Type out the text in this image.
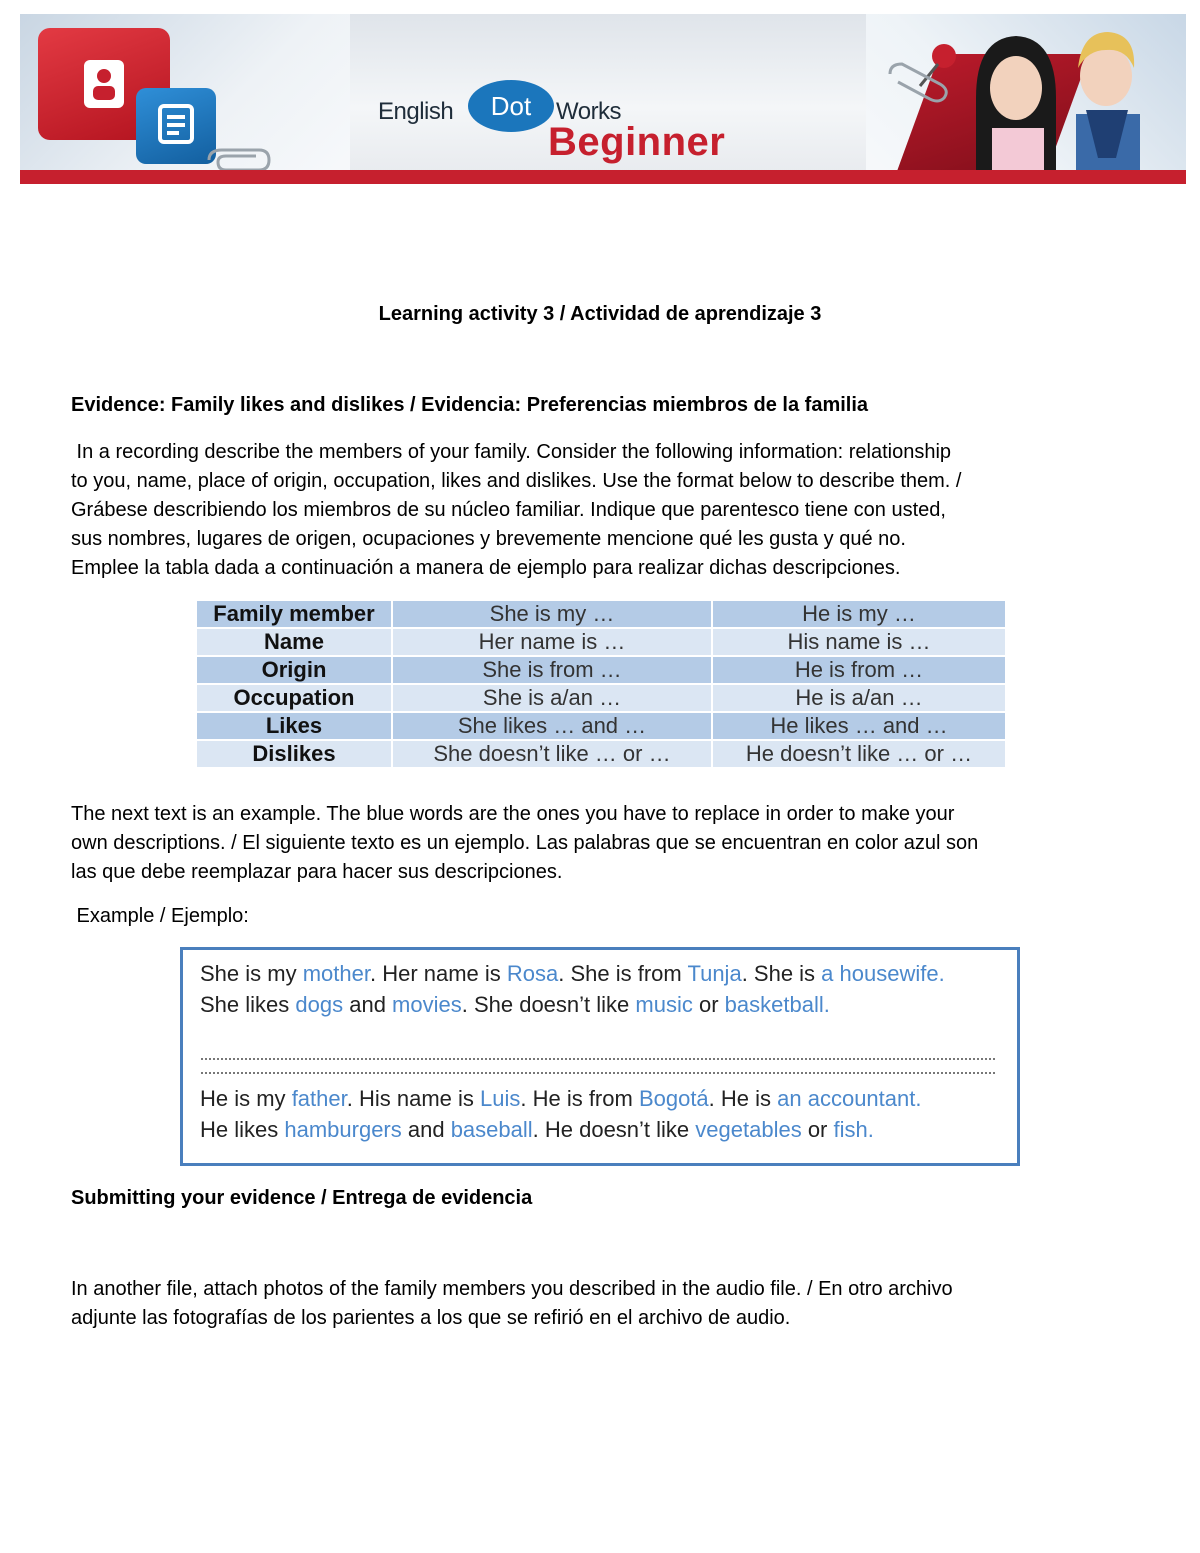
English	Dot	Works
Beginner
Learning activity 3 / Actividad de aprendizaje 3
Evidence: Family likes and dislikes / Evidencia: Preferencias miembros de la familia
In a recording describe the members of your family. Consider the following information: relationship
to you, name, place of origin, occupation, likes and dislikes. Use the format below to describe them. /
Grábese describiendo los miembros de su núcleo familiar. Indique que parentesco tiene con usted,
sus nombres, lugares de origen, ocupaciones y brevemente mencione qué les gusta y qué no.
Emplee la tabla dada a continuación a manera de ejemplo para realizar dichas descripciones.
Family member	She is my …	He is my …
Name	Her name is …	His name is …
Origin	She is from …	He is from …
Occupation	She is a/an …	He is a/an …
Likes	She likes … and …	He likes … and …
Dislikes	She doesn’t like … or …	He doesn’t like … or …
The next text is an example. The blue words are the ones you have to replace in order to make your
own descriptions. / El siguiente texto es un ejemplo. Las palabras que se encuentran en color azul son
las que debe reemplazar para hacer sus descripciones.
Example / Ejemplo:
She is my mother. Her name is Rosa. She is from Tunja. She is a housewife.
She likes dogs and movies. She doesn’t like music or basketball.
He is my father. His name is Luis. He is from Bogotá. He is an accountant.
He likes hamburgers and baseball. He doesn’t like vegetables or fish.
Submitting your evidence / Entrega de evidencia
In another file, attach photos of the family members you described in the audio file. / En otro archivo
adjunte las fotografías de los parientes a los que se refirió en el archivo de audio.
